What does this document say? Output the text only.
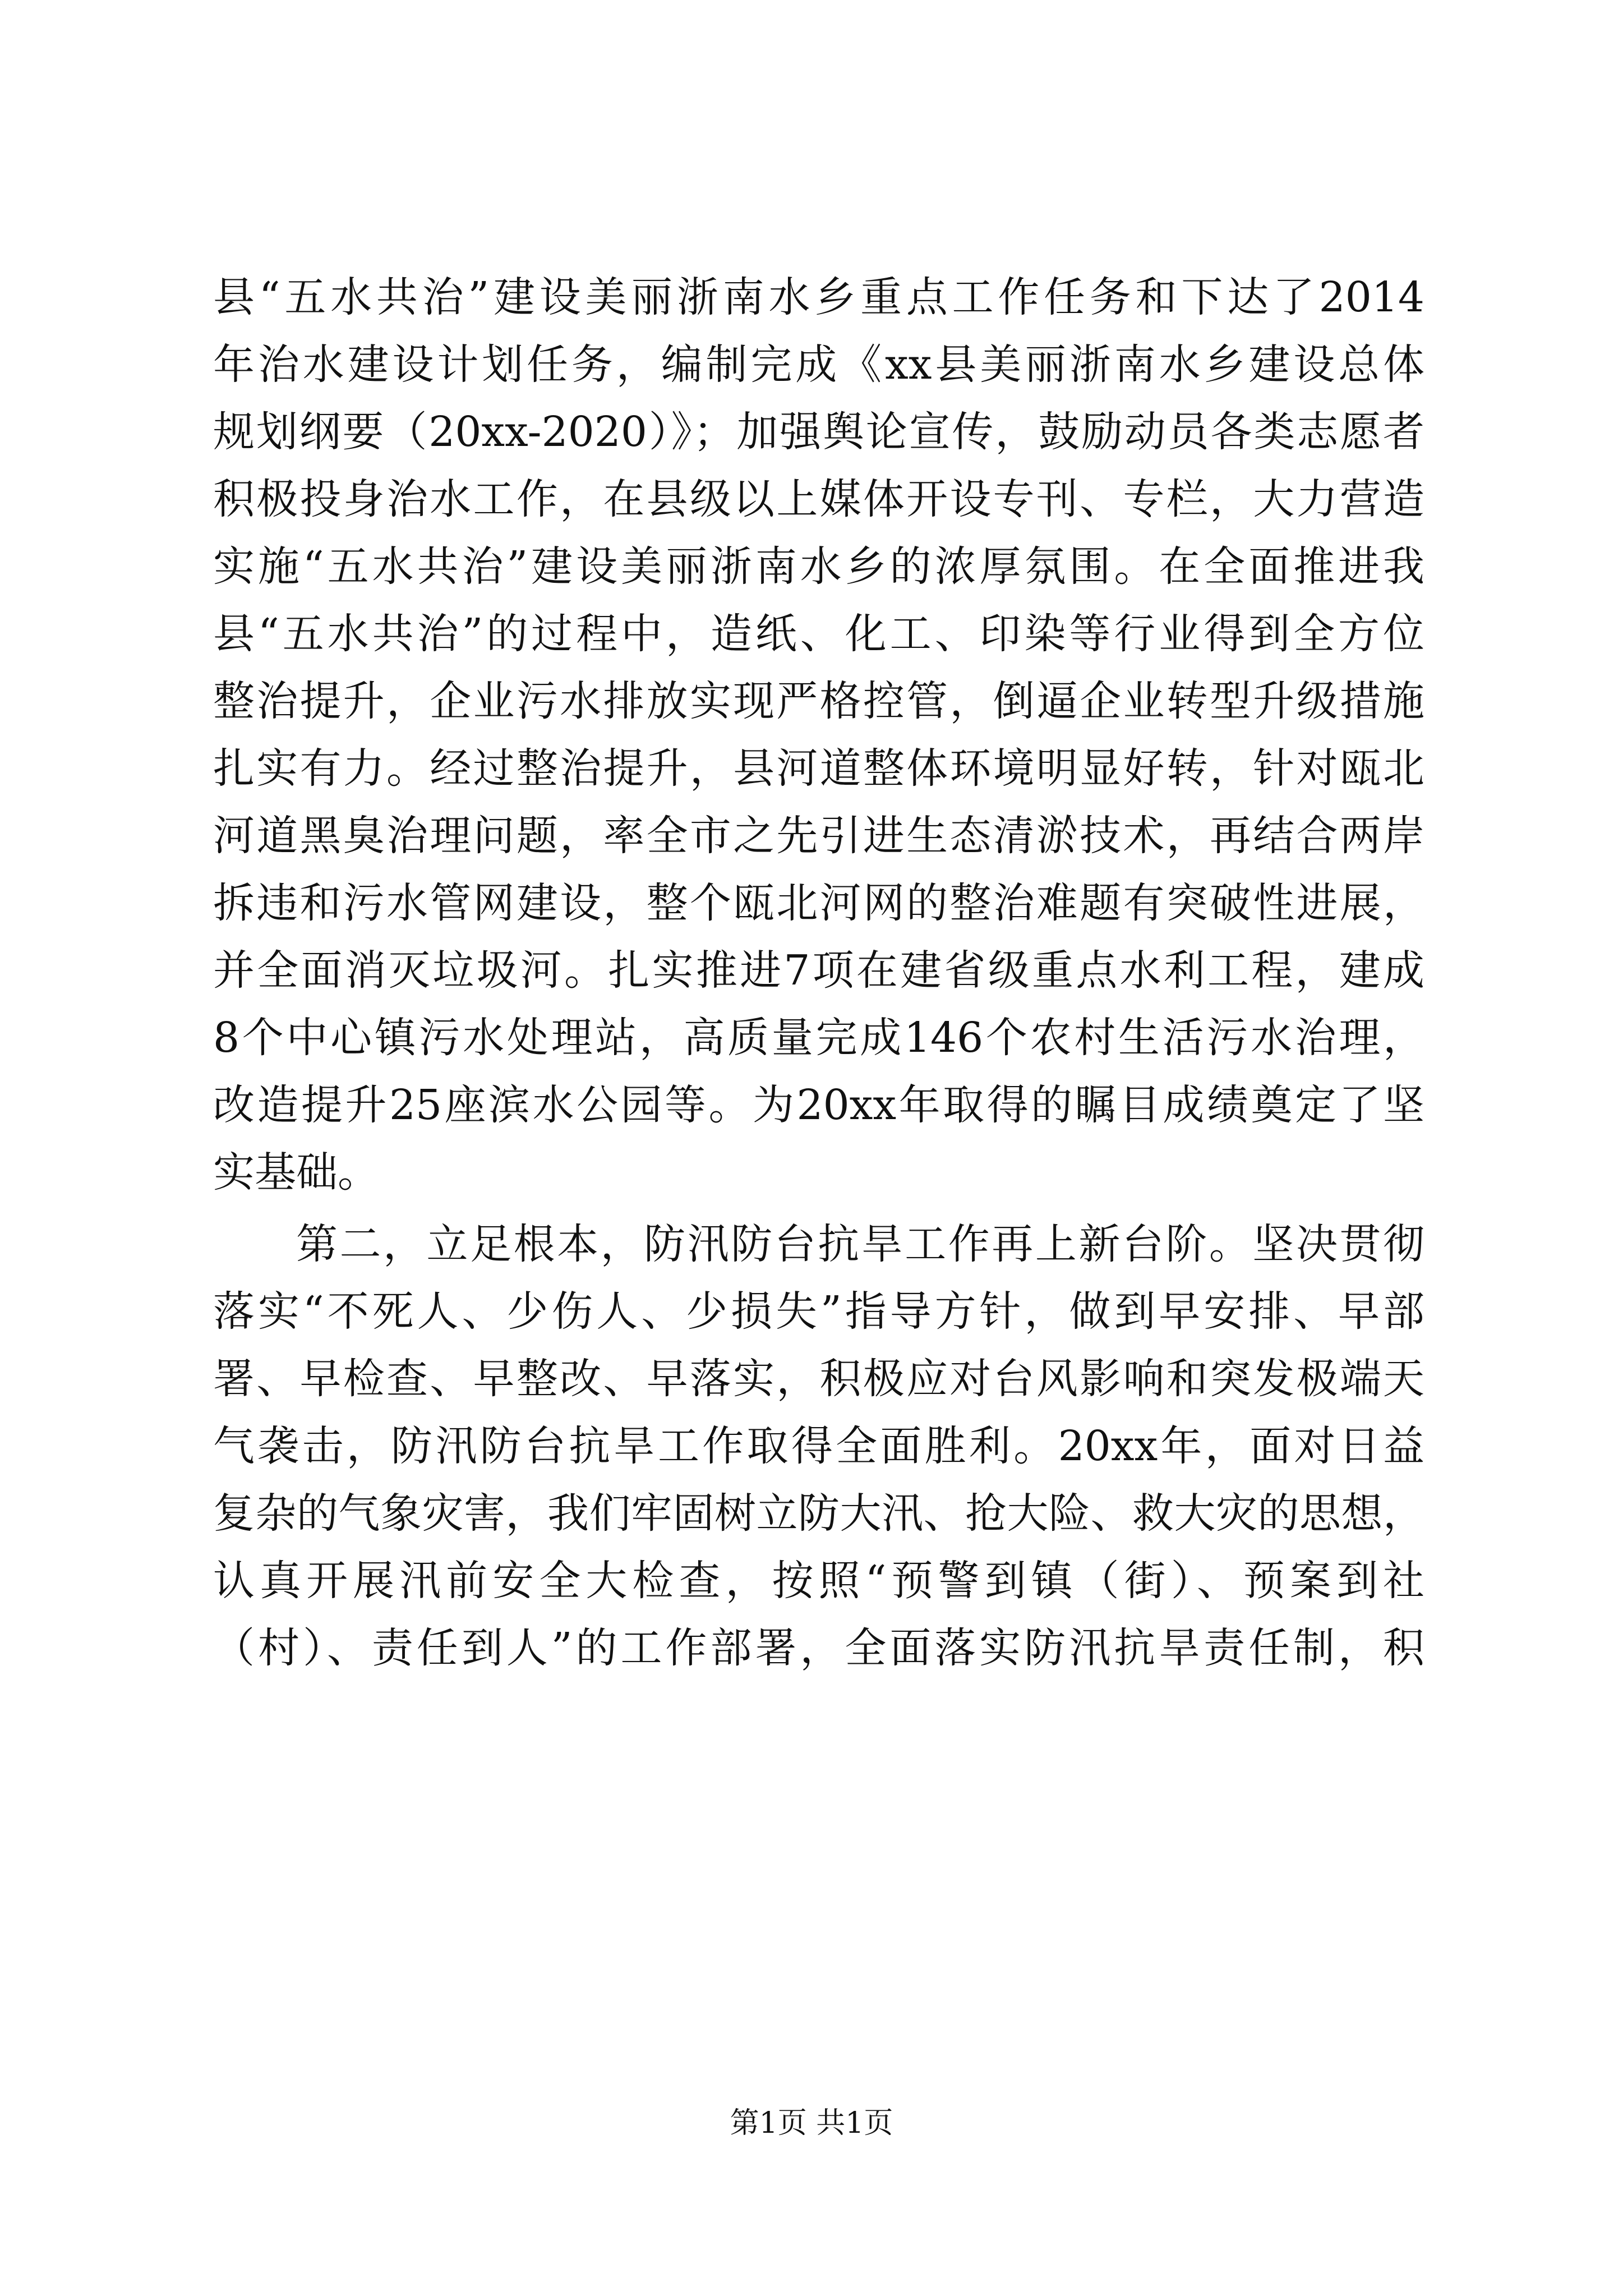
县“五水共治”建设美丽浙南水乡重点工作任务和下达了2014
年治水建设计划任务，编制完成《xx县美丽浙南水乡建设总体
规划纲要（20xx-2020）》；加强舆论宣传，鼓励动员各类志愿者
积极投身治水工作，在县级以上媒体开设专刊、专栏，大力营造
实施“五水共治”建设美丽浙南水乡的浓厚氛围。在全面推进我
县“五水共治”的过程中，造纸、化工、印染等行业得到全方位
整治提升，企业污水排放实现严格控管，倒逼企业转型升级措施
扎实有力。经过整治提升，县河道整体环境明显好转，针对瓯北
河道黑臭治理问题，率全市之先引进生态清淤技术，再结合两岸
拆违和污水管网建设，整个瓯北河网的整治难题有突破性进展，
并全面消灭垃圾河。扎实推进7项在建省级重点水利工程，建成
8个中心镇污水处理站，高质量完成146个农村生活污水治理，
改造提升25座滨水公园等。为20xx年取得的瞩目成绩奠定了坚
实基础。
第二，立足根本，防汛防台抗旱工作再上新台阶。坚决贯彻
落实“不死人、少伤人、少损失”指导方针，做到早安排、早部
署、早检查、早整改、早落实，积极应对台风影响和突发极端天
气袭击，防汛防台抗旱工作取得全面胜利。20xx年，面对日益
复杂的气象灾害，我们牢固树立防大汛、抢大险、救大灾的思想，
认真开展汛前安全大检查，按照“预警到镇（街）、预案到社
（村）、责任到人”的工作部署，全面落实防汛抗旱责任制，积
第1页 共1页
